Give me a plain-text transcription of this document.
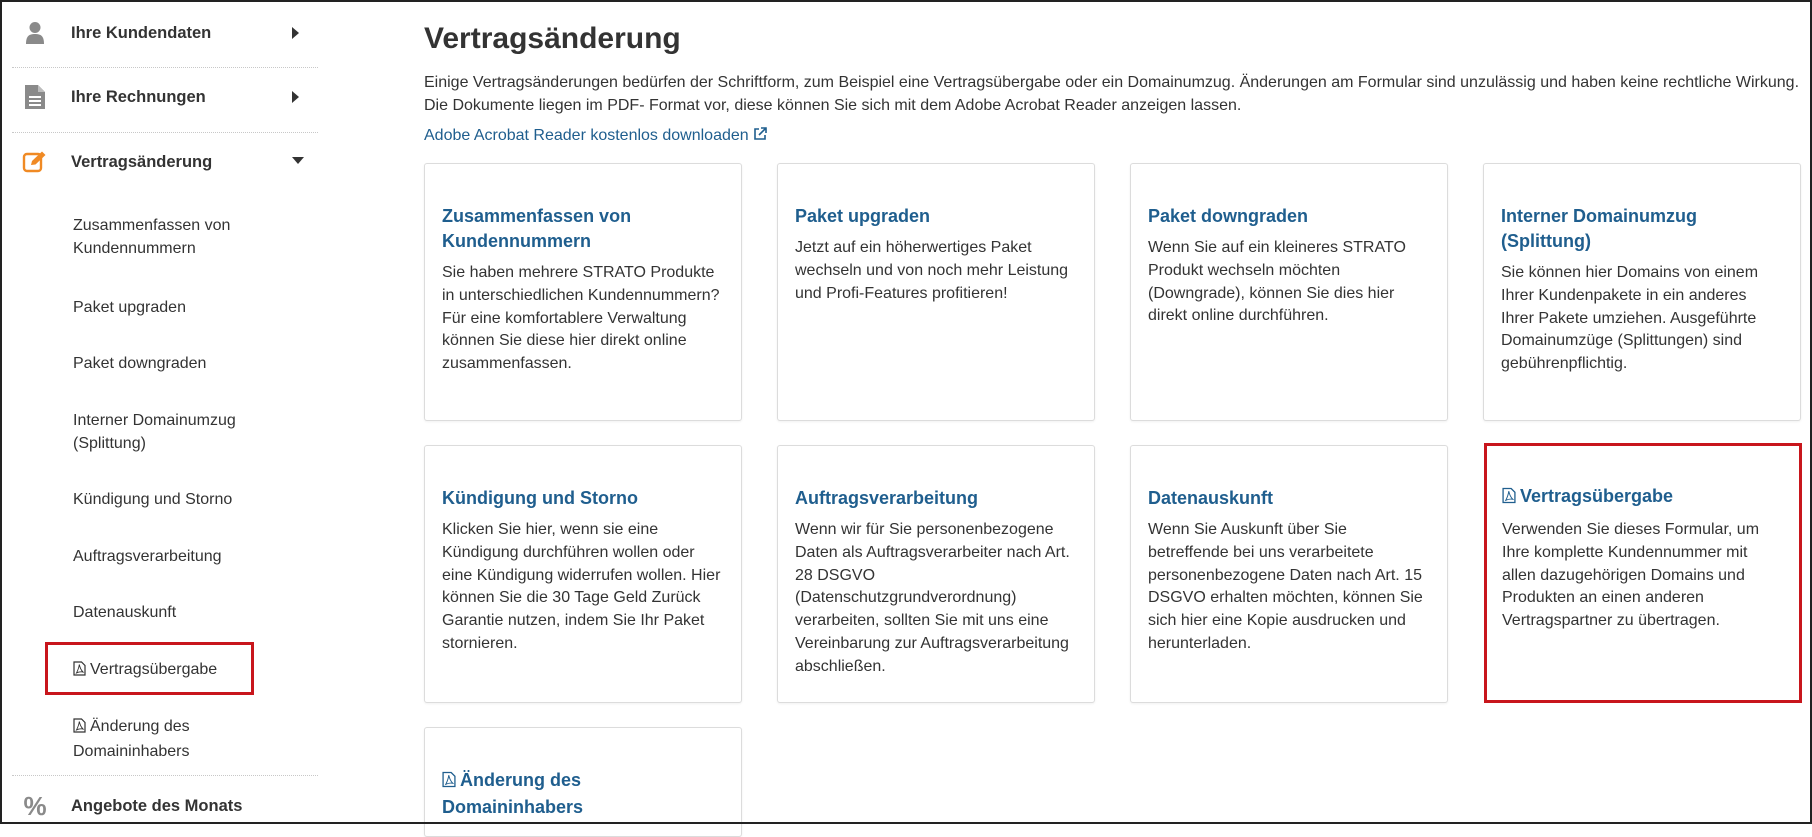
Ihre Kundendaten
Ihre Rechnungen
Vertragsänderung
Zusammenfassen von Kundennummern
Paket upgraden
Paket downgraden
Interner Domainumzug (Splittung)
Kündigung und Storno
Auftragsverarbeitung
Datenauskunft
Vertragsübergabe
Änderung des Domaininhabers
% Angebote des Monats
Vertragsänderung

Einige Vertragsänderungen bedürfen der Schriftform, zum Beispiel eine Vertragsübergabe oder ein Domainumzug. Änderungen am Formular sind unzulässig und haben keine rechtliche Wirkung. Die Dokumente liegen im PDF- Format vor, diese können Sie sich mit dem Adobe Acrobat Reader anzeigen lassen.

Adobe Acrobat Reader kostenlos downloaden
Zusammenfassen von Kundennummern
Sie haben mehrere STRATO Produkte in unterschiedlichen Kundennummern? Für eine komfortablere Verwaltung können Sie diese hier direkt online zusammenfassen.
Paket upgraden
Jetzt auf ein höherwertiges Paket wechseln und von noch mehr Leistung und Profi-Features profitieren!
Paket downgraden
Wenn Sie auf ein kleineres STRATO Produkt wechseln möchten (Downgrade), können Sie dies hier direkt online durchführen.
Interner Domainumzug (Splittung)
Sie können hier Domains von einem Ihrer Kundenpakete in ein anderes Ihrer Pakete umziehen. Ausgeführte Domainumzüge (Splittungen) sind gebührenpflichtig.
Kündigung und Storno
Klicken Sie hier, wenn sie eine Kündigung durchführen wollen oder eine Kündigung widerrufen wollen. Hier können Sie die 30 Tage Geld Zurück Garantie nutzen, indem Sie Ihr Paket stornieren.
Auftragsverarbeitung
Wenn wir für Sie personenbezogene Daten als Auftragsverarbeiter nach Art. 28 DSGVO (Datenschutzgrundverordnung) verarbeiten, sollten Sie mit uns eine Vereinbarung zur Auftragsverarbeitung abschließen.
Datenauskunft
Wenn Sie Auskunft über Sie betreffende bei uns verarbeitete personenbezogene Daten nach Art. 15 DSGVO erhalten möchten, können Sie sich hier eine Kopie ausdrucken und herunterladen.
Vertragsübergabe
Verwenden Sie dieses Formular, um Ihre komplette Kundennummer mit allen dazugehörigen Domains und Produkten an einen anderen Vertragspartner zu übertragen.
Änderung des Domaininhabers
